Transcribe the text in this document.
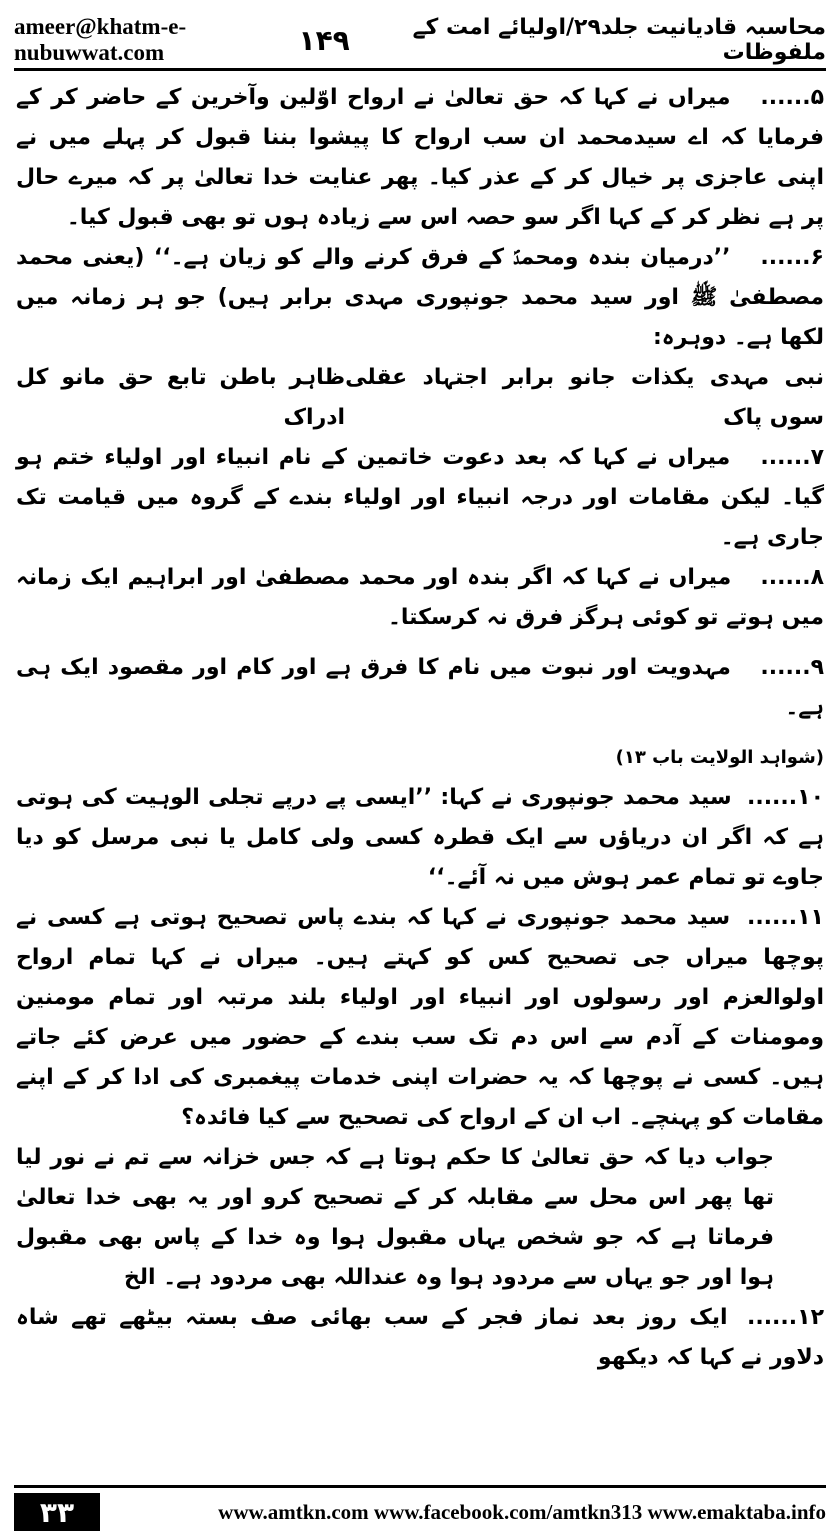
ameer@khatm-e-nubuwwat.com
محاسبہ قادیانیت جلد۲۹/اولیائے امت کے ملفوظات
۱۴۹

۵...... میراں نے کہا کہ حق تعالیٰ نے ارواح اوّلین وآخرین کے حاضر کر کے فرمایا کہ اے سیدمحمد ان سب ارواح کا پیشوا بننا قبول کر پہلے میں نے اپنی عاجزی پر خیال کر کے عذر کیا۔ پھر عنایت خدا تعالیٰ پر کہ میرے حال پر ہے نظر کر کے کہا اگر سو حصہ اس سے زیادہ ہوں تو بھی قبول کیا۔

۶...... ’’درمیان بندہ ومحمدؐ کے فرق کرنے والے کو زیان ہے۔‘‘ (یعنی محمد مصطفیٰ ﷺ اور سید محمد جونپوری مہدی برابر ہیں) جو ہر زمانہ میں لکھا ہے۔ دوہرہ:

نبی مہدی یکذات جانو برابر اجتہاد عقلی سوں پاک
ظاہر باطن تابع حق مانو کل ادراک

۷...... میراں نے کہا کہ بعد دعوت خاتمین کے نام انبیاء اور اولیاء ختم ہو گیا۔ لیکن مقامات اور درجہ انبیاء اور اولیاء بندے کے گروہ میں قیامت تک جاری ہے۔

۸...... میراں نے کہا کہ اگر بندہ اور محمد مصطفیٰ اور ابراہیم ایک زمانہ میں ہوتے تو کوئی ہرگز فرق نہ کرسکتا۔

۹...... مہدویت اور نبوت میں نام کا فرق ہے اور کام اور مقصود ایک ہی ہے۔

(شواہد الولایت باب ۱۳)

۱۰...... سید محمد جونپوری نے کہا: ’’ایسی پے درپے تجلی الوہیت کی ہوتی ہے کہ اگر ان دریاؤں سے ایک قطرہ کسی ولی کامل یا نبی مرسل کو دیا جاوے تو تمام عمر ہوش میں نہ آئے۔‘‘

۱۱...... سید محمد جونپوری نے کہا کہ بندے پاس تصحیح ہوتی ہے کسی نے پوچھا میراں جی تصحیح کس کو کہتے ہیں۔ میراں نے کہا تمام ارواح اولوالعزم اور رسولوں اور انبیاء اور اولیاء بلند مرتبہ اور تمام مومنین ومومنات کے آدم سے اس دم تک سب بندے کے حضور میں عرض کئے جاتے ہیں۔ کسی نے پوچھا کہ یہ حضرات اپنی خدمات پیغمبری کی ادا کر کے اپنے مقامات کو پہنچے۔ اب ان کے ارواح کی تصحیح سے کیا فائدہ؟

جواب دیا کہ حق تعالیٰ کا حکم ہوتا ہے کہ جس خزانہ سے تم نے نور لیا تھا پھر اس محل سے مقابلہ کر کے تصحیح کرو اور یہ بھی خدا تعالیٰ فرماتا ہے کہ جو شخص یہاں مقبول ہوا وہ خدا کے پاس بھی مقبول ہوا اور جو یہاں سے مردود ہوا وہ عنداللہ بھی مردود ہے۔ الخ

۱۲...... ایک روز بعد نماز فجر کے سب بھائی صف بستہ بیٹھے تھے شاہ دلاور نے کہا کہ دیکھو

۳۳	www.amtkn.com www.facebook.com/amtkn313 www.emaktaba.info
